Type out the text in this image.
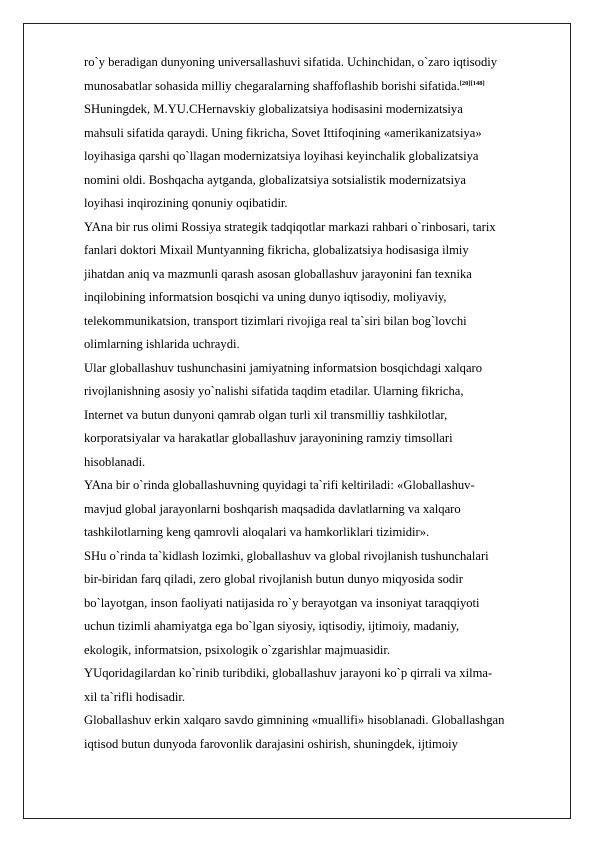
ro`y beradigan dunyoning universallashuvi sifatida. Uchinchidan, o`zaro iqtisodiy
munosabatlar sohasida milliy chegaralarning shaffoflashib borishi sifatida.[20][148]
SHuningdek, M.YU.CHernavskiy globalizatsiya hodisasini modernizatsiya
mahsuli sifatida qaraydi. Uning fikricha, Sovet Ittifoqining «amerikanizatsiya»
loyihasiga qarshi qo`llagan modernizatsiya loyihasi keyinchalik globalizatsiya
nomini oldi. Boshqacha aytganda, globalizatsiya sotsialistik modernizatsiya
loyihasi inqirozining qonuniy oqibatidir.
YAna bir rus olimi Rossiya strategik tadqiqotlar markazi rahbari o`rinbosari, tarix
fanlari doktori Mixail Muntyanning fikricha, globalizatsiya hodisasiga ilmiy
jihatdan aniq va mazmunli qarash asosan globallashuv jarayonini fan texnika
inqilobining informatsion bosqichi va uning dunyo iqtisodiy, moliyaviy,
telekommunikatsion, transport tizimlari rivojiga real ta`siri bilan bog`lovchi
olimlarning ishlarida uchraydi.
Ular globallashuv tushunchasini jamiyatning informatsion bosqichdagi xalqaro
rivojlanishning asosiy yo`nalishi sifatida taqdim etadilar. Ularning fikricha,
Internet va butun dunyoni qamrab olgan turli xil transmilliy tashkilotlar,
korporatsiyalar va harakatlar globallashuv jarayonining ramziy timsollari
hisoblanadi.
YAna bir o`rinda globallashuvning quyidagi ta`rifi keltiriladi: «Globallashuv-
mavjud global jarayonlarni boshqarish maqsadida davlatlarning va xalqaro
tashkilotlarning keng qamrovli aloqalari va hamkorliklari tizimidir».
SHu o`rinda ta`kidlash lozimki, globallashuv va global rivojlanish tushunchalari
bir-biridan farq qiladi, zero global rivojlanish butun dunyo miqyosida sodir
bo`layotgan, inson faoliyati natijasida ro`y berayotgan va insoniyat taraqqiyoti
uchun tizimli ahamiyatga ega bo`lgan siyosiy, iqtisodiy, ijtimoiy, madaniy,
ekologik, informatsion, psixologik o`zgarishlar majmuasidir.
YUqoridagilardan ko`rinib turibdiki, globallashuv jarayoni ko`p qirrali va xilma-
xil ta`rifli hodisadir.
Globallashuv erkin xalqaro savdo gimnining «muallifi» hisoblanadi. Globallashgan
iqtisod butun dunyoda farovonlik darajasini oshirish, shuningdek, ijtimoiy
